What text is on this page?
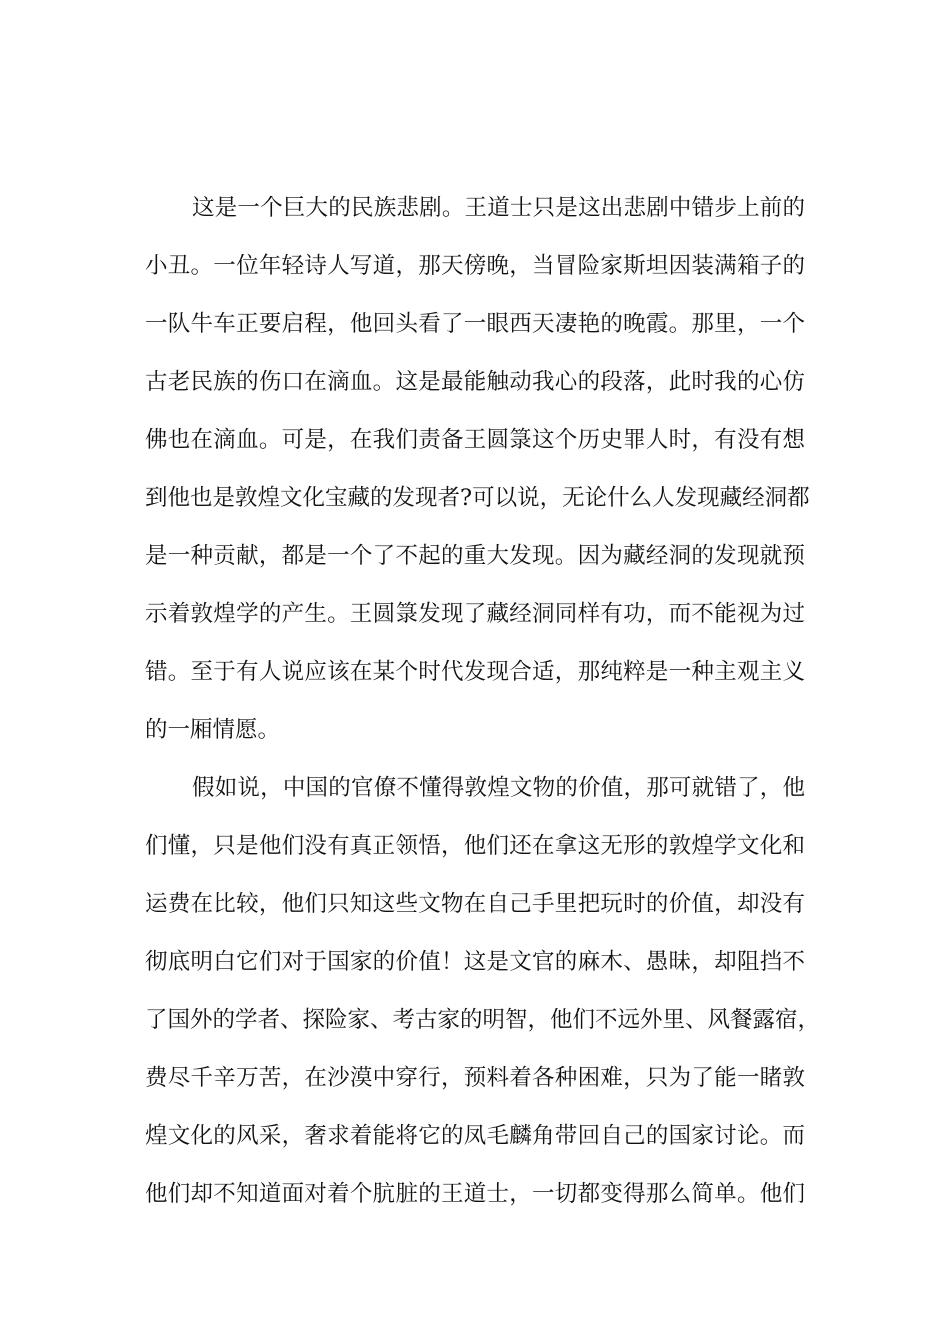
这是一个巨大的民族悲剧。王道士只是这出悲剧中错步上前的
小丑。一位年轻诗人写道，那天傍晚，当冒险家斯坦因装满箱子的
一队牛车正要启程，他回头看了一眼西天凄艳的晚霞。那里，一个
古老民族的伤口在滴血。这是最能触动我心的段落，此时我的心仿
佛也在滴血。可是，在我们责备王圆箓这个历史罪人时，有没有想
到他也是敦煌文化宝藏的发现者?可以说，无论什么人发现藏经洞都
是一种贡献，都是一个了不起的重大发现。因为藏经洞的发现就预
示着敦煌学的产生。王圆箓发现了藏经洞同样有功，而不能视为过
错。至于有人说应该在某个时代发现合适，那纯粹是一种主观主义
的一厢情愿。
假如说，中国的官僚不懂得敦煌文物的价值，那可就错了，他
们懂，只是他们没有真正领悟，他们还在拿这无形的敦煌学文化和
运费在比较，他们只知这些文物在自己手里把玩时的价值，却没有
彻底明白它们对于国家的价值！这是文官的麻木、愚昧，却阻挡不
了国外的学者、探险家、考古家的明智，他们不远外里、风餐露宿，
费尽千辛万苦，在沙漠中穿行，预料着各种困难，只为了能一睹敦
煌文化的风采，奢求着能将它的凤毛麟角带回自己的国家讨论。而
他们却不知道面对着个肮脏的王道士，一切都变得那么简单。他们
